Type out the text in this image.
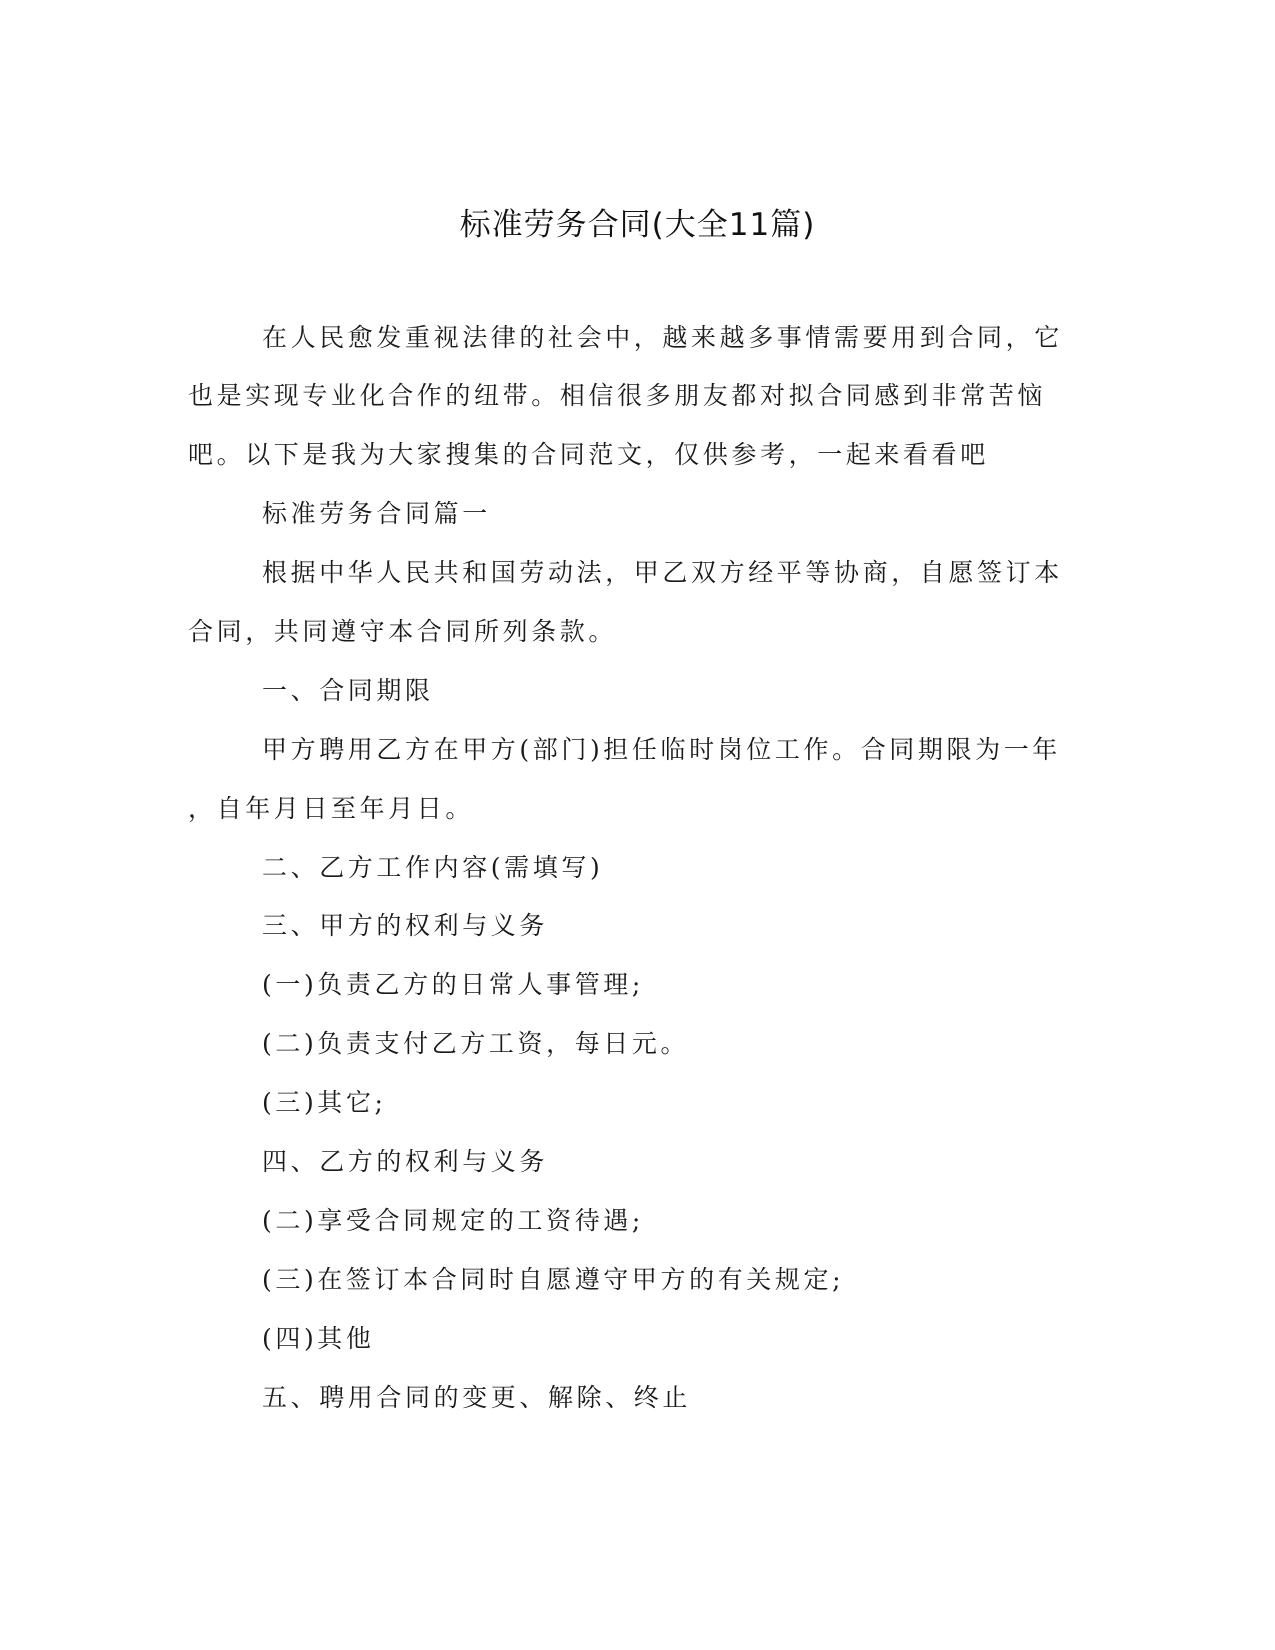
标准劳务合同(大全11篇)

在人民愈发重视法律的社会中，越来越多事情需要用到合同，它

也是实现专业化合作的纽带。相信很多朋友都对拟合同感到非常苦恼

吧。以下是我为大家搜集的合同范文，仅供参考，一起来看看吧

标准劳务合同篇一

根据中华人民共和国劳动法，甲乙双方经平等协商，自愿签订本

合同，共同遵守本合同所列条款。

一、合同期限

甲方聘用乙方在甲方(部门)担任临时岗位工作。合同期限为一年

，自年月日至年月日。

二、乙方工作内容(需填写)

三、甲方的权利与义务

(一)负责乙方的日常人事管理;

(二)负责支付乙方工资，每日元。

(三)其它;

四、乙方的权利与义务

(二)享受合同规定的工资待遇;

(三)在签订本合同时自愿遵守甲方的有关规定;

(四)其他

五、聘用合同的变更、解除、终止
